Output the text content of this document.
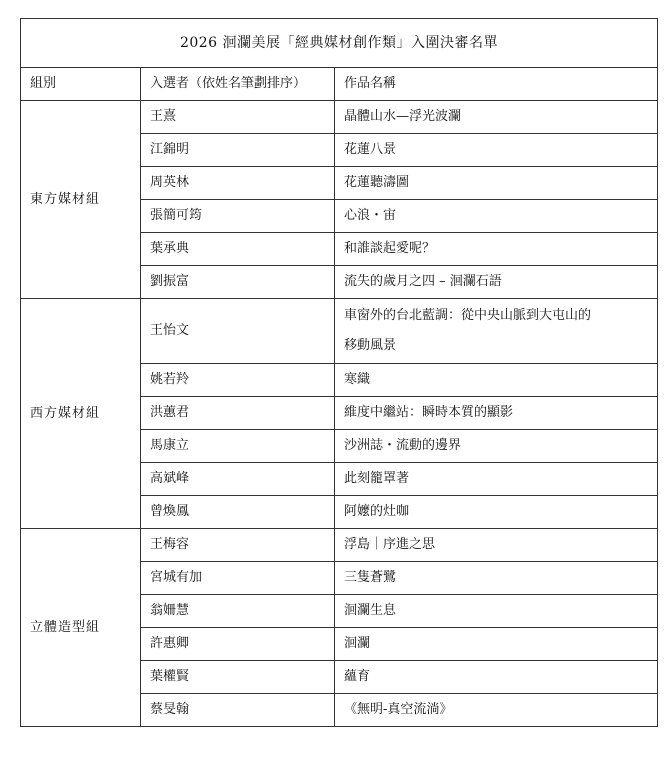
2026 洄瀾美展「經典媒材創作類」入圍決審名單		
組別	入選者（依姓名筆劃排序）	作品名稱
東方媒材組	王熹	晶體山水—浮光波瀾
	江錦明	花蓮八景
	周英林	花蓮聽濤圖
	張簡可筠	心浪・宙
	葉承典	和誰談起愛呢？
	劉振富	流失的歲月之四 – 洄瀾石語
西方媒材組	王怡文	車窗外的台北藍調：從中央山脈到大屯山的
移動風景

	姚若羚	寒織
	洪蕙君	維度中繼站：瞬時本質的顯影
	馬康立	沙洲誌・流動的邊界
	高斌峰	此刻籠罩著
	曾煥鳳	阿嬤的灶咖
立體造型組	王梅容	浮島｜序進之思
	宮城有加	三隻蒼鷺
	翁姍慧	洄瀾生息
	許惠卿	洄瀾
	葉權賢	蘊育
	蔡旻翰	《無明-真空流淌》
